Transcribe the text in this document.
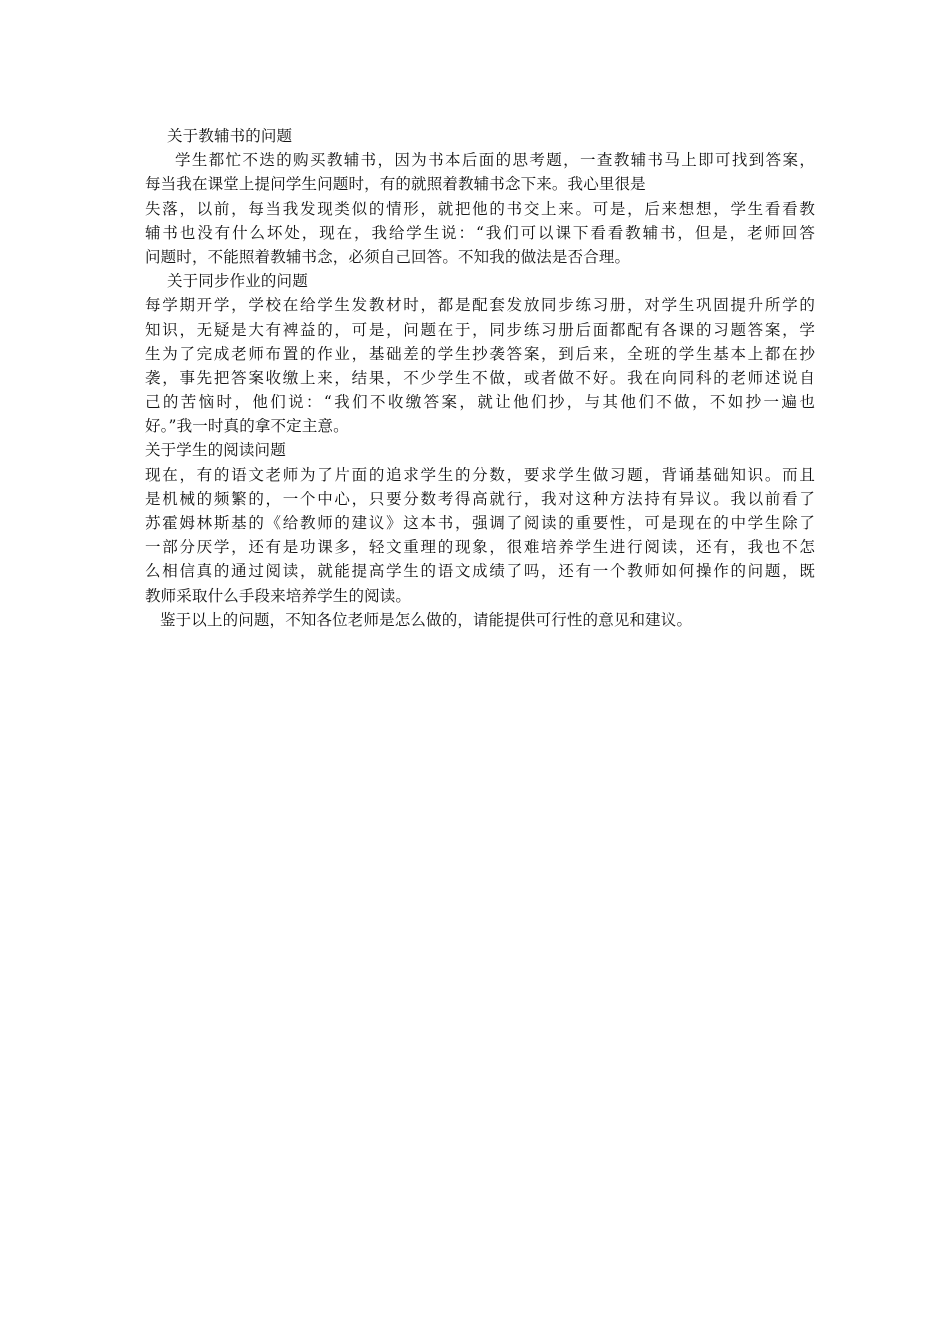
关于教辅书的问题
学生都忙不迭的购买教辅书，因为书本后面的思考题，一查教辅书马上即可找到答案，
每当我在课堂上提问学生问题时，有的就照着教辅书念下来。我心里很是
失落，以前，每当我发现类似的情形，就把他的书交上来。可是，后来想想，学生看看教
辅书也没有什么坏处，现在，我给学生说：“我们可以课下看看教辅书，但是，老师回答
问题时，不能照着教辅书念，必须自己回答。不知我的做法是否合理。
关于同步作业的问题
每学期开学，学校在给学生发教材时，都是配套发放同步练习册，对学生巩固提升所学的
知识，无疑是大有裨益的，可是，问题在于，同步练习册后面都配有各课的习题答案，学
生为了完成老师布置的作业，基础差的学生抄袭答案，到后来，全班的学生基本上都在抄
袭，事先把答案收缴上来，结果，不少学生不做，或者做不好。我在向同科的老师述说自
己的苦恼时，他们说：“我们不收缴答案，就让他们抄，与其他们不做，不如抄一遍也
好。”我一时真的拿不定主意。
关于学生的阅读问题
现在，有的语文老师为了片面的追求学生的分数，要求学生做习题，背诵基础知识。而且
是机械的频繁的，一个中心，只要分数考得高就行，我对这种方法持有异议。我以前看了
苏霍姆林斯基的《给教师的建议》这本书，强调了阅读的重要性，可是现在的中学生除了
一部分厌学，还有是功课多，轻文重理的现象，很难培养学生进行阅读，还有，我也不怎
么相信真的通过阅读，就能提高学生的语文成绩了吗，还有一个教师如何操作的问题，既
教师采取什么手段来培养学生的阅读。
鉴于以上的问题，不知各位老师是怎么做的，请能提供可行性的意见和建议。
